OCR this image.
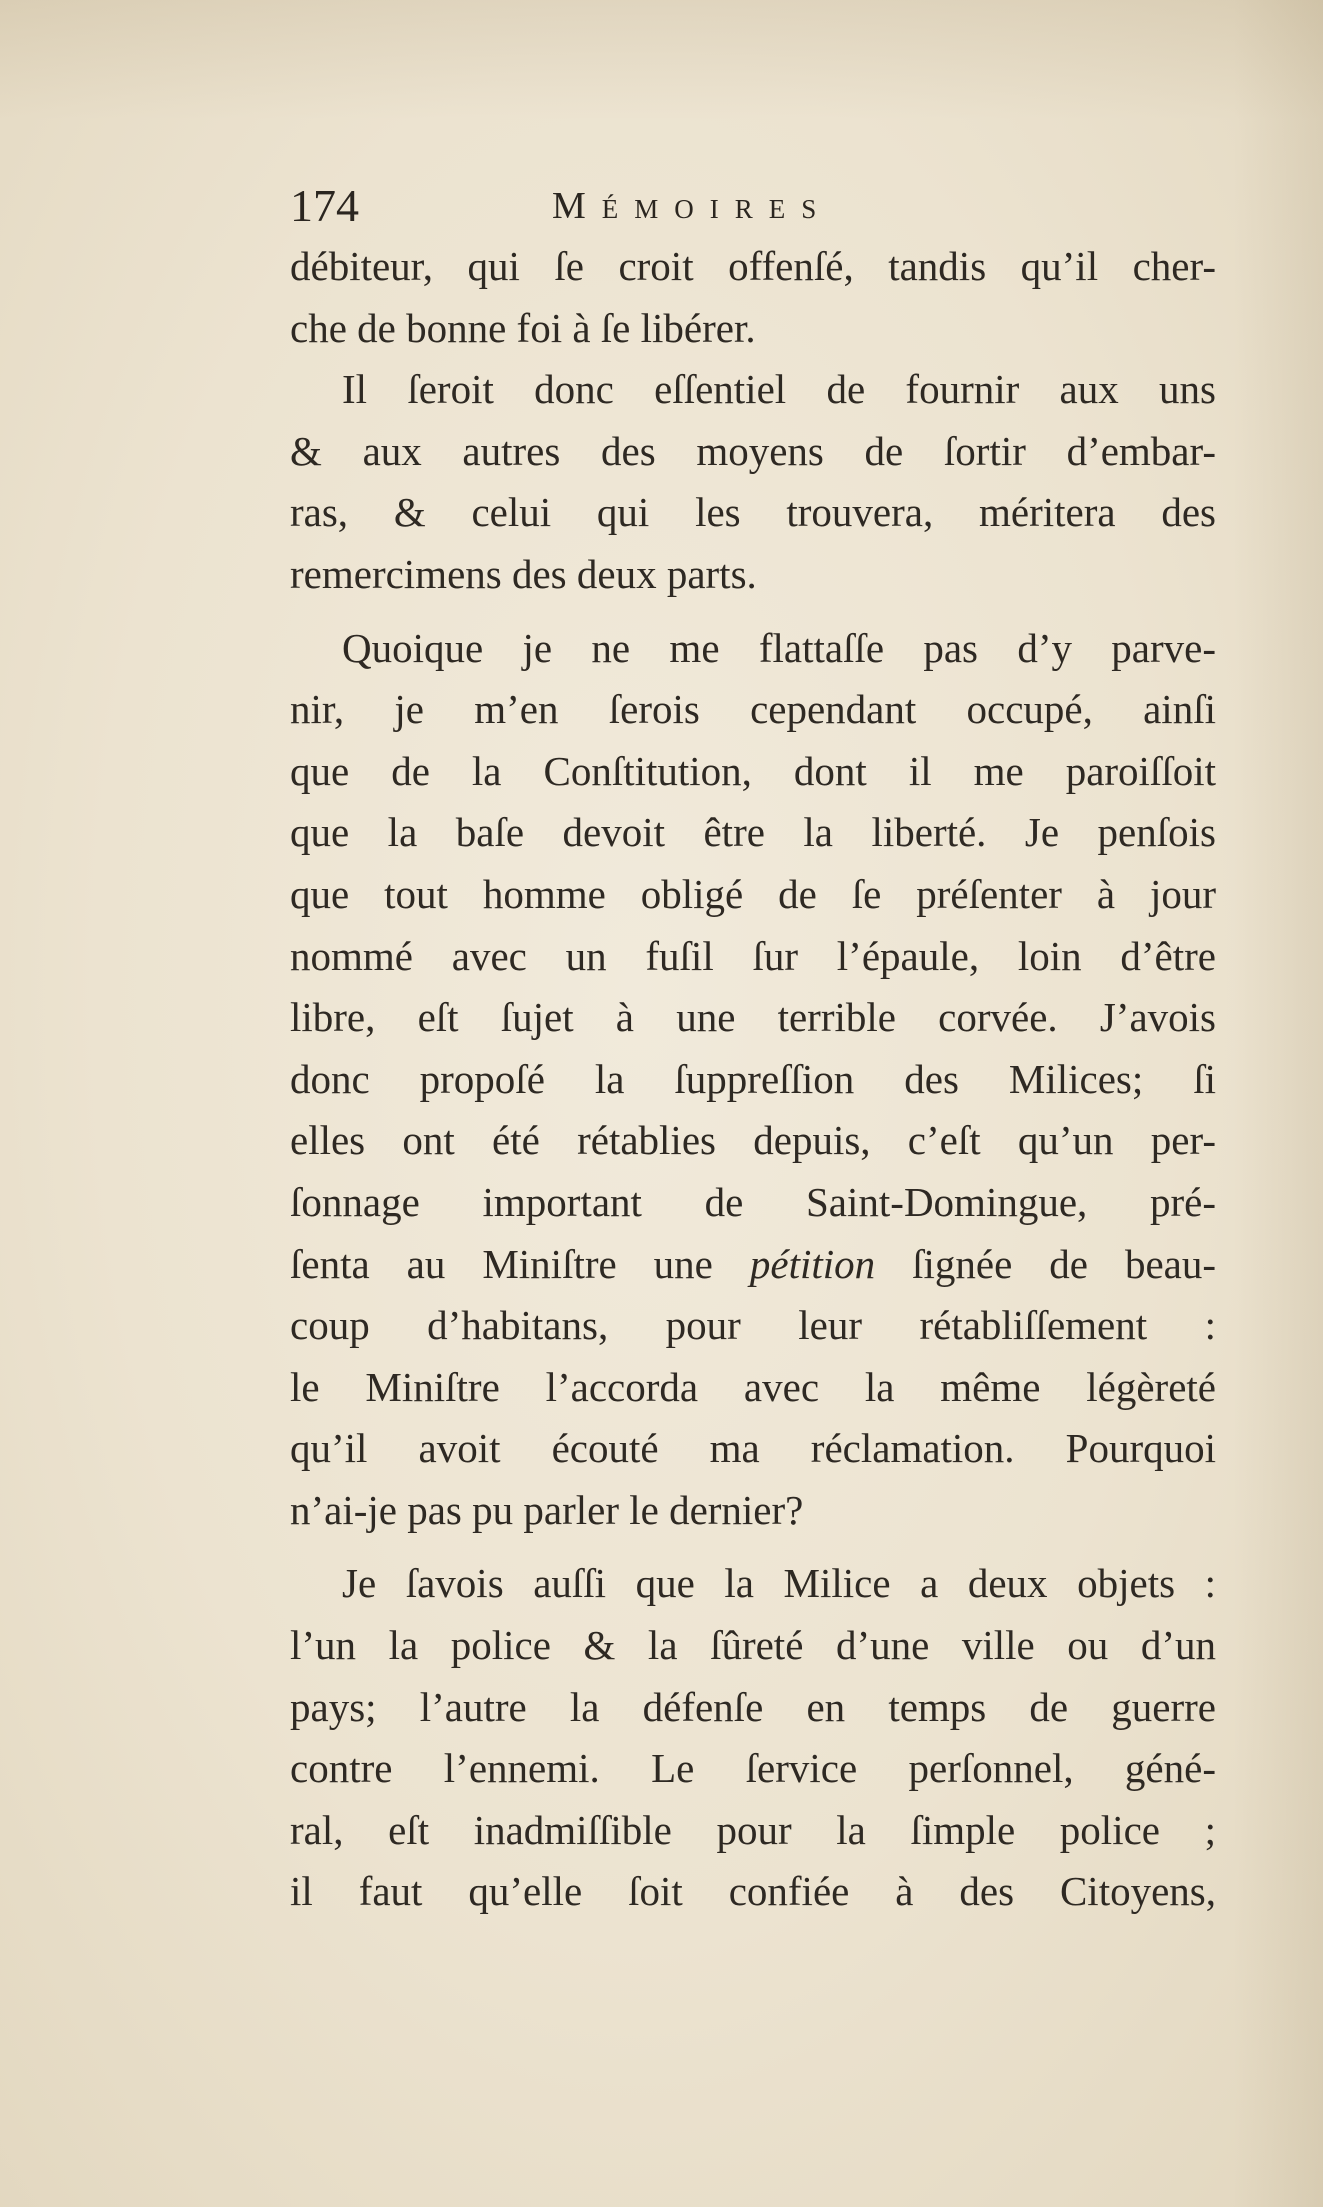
174	Mémoires
débiteur, qui ſe croit offenſé, tandis qu’il cher-
che de bonne foi à ſe libérer.
Il ſeroit donc eſſentiel de fournir aux uns
& aux autres des moyens de ſortir d’embar-
ras, & celui qui les trouvera, méritera des
remercimens des deux parts.
Quoique je ne me flattaſſe pas d’y parve-
nir, je m’en ſerois cependant occupé, ainſi
que de la Conſtitution, dont il me paroiſſoit
que la baſe devoit être la liberté. Je penſois
que tout homme obligé de ſe préſenter à jour
nommé avec un fuſil ſur l’épaule, loin d’être
libre, eſt ſujet à une terrible corvée. J’avois
donc propoſé la ſuppreſſion des Milices; ſi
elles ont été rétablies depuis, c’eſt qu’un per-
ſonnage important de Saint-Domingue, pré-
ſenta au Miniſtre une pétition ſignée de beau-
coup d’habitans, pour leur rétabliſſement :
le Miniſtre l’accorda avec la même légèreté
qu’il avoit écouté ma réclamation. Pourquoi
n’ai-je pas pu parler le dernier?
Je ſavois auſſi que la Milice a deux objets :
l’un la police & la ſûreté d’une ville ou d’un
pays; l’autre la défenſe en temps de guerre
contre l’ennemi. Le ſervice perſonnel, géné-
ral, eſt inadmiſſible pour la ſimple police ;
il faut qu’elle ſoit confiée à des Citoyens,
